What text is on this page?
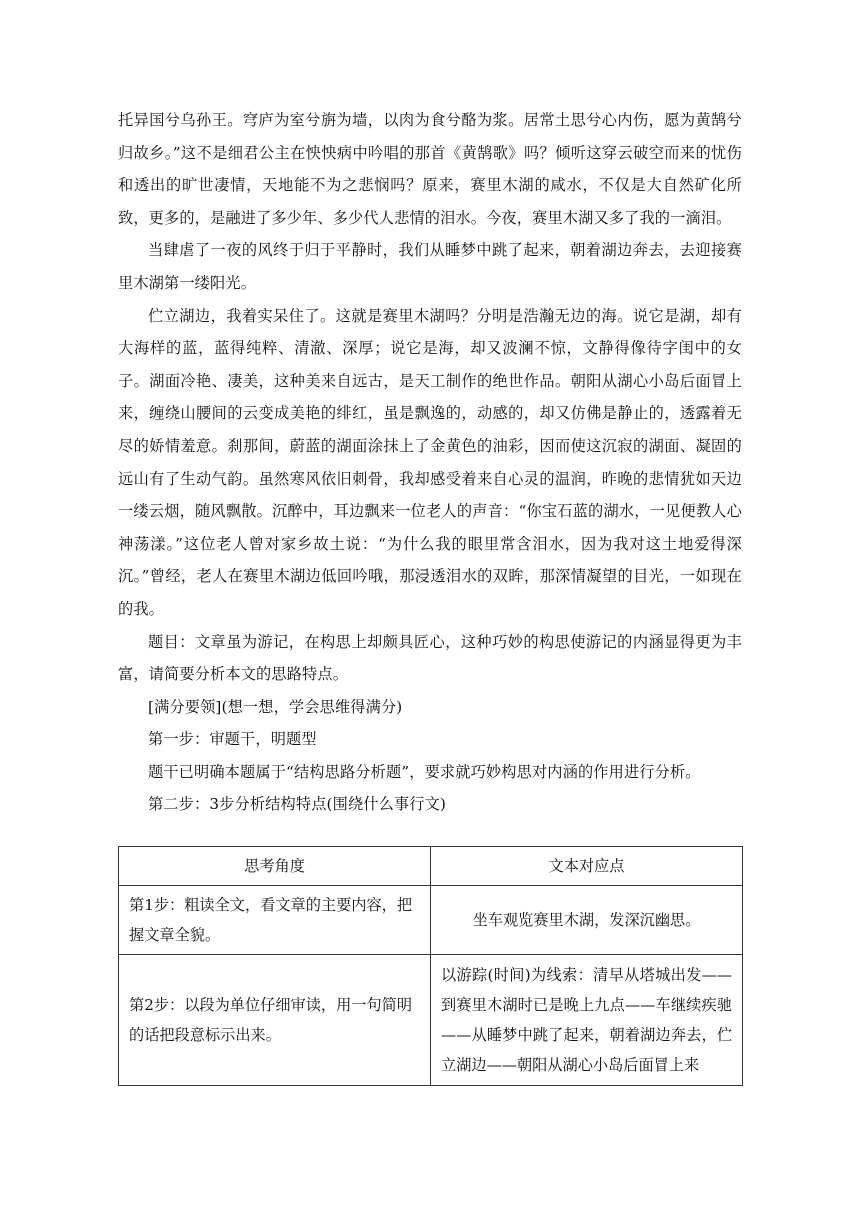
托异国兮乌孙王。穹庐为室兮旃为墙，以肉为食兮酪为浆。居常土思兮心内伤，愿为黄鹄兮归故乡。”这不是细君公主在怏怏病中吟唱的那首《黄鹄歌》吗？倾听这穿云破空而来的忧伤和透出的旷世凄情，天地能不为之悲悯吗？原来，赛里木湖的咸水，不仅是大自然矿化所致，更多的，是融进了多少年、多少代人悲情的泪水。今夜，赛里木湖又多了我的一滴泪。

当肆虐了一夜的风终于归于平静时，我们从睡梦中跳了起来，朝着湖边奔去，去迎接赛里木湖第一缕阳光。

伫立湖边，我着实呆住了。这就是赛里木湖吗？分明是浩瀚无边的海。说它是湖，却有大海样的蓝，蓝得纯粹、清澈、深厚；说它是海，却又波澜不惊，文静得像待字闺中的女子。湖面冷艳、凄美，这种美来自远古，是天工制作的绝世作品。朝阳从湖心小岛后面冒上来，缠绕山腰间的云变成美艳的绯红，虽是飘逸的，动感的，却又仿佛是静止的，透露着无尽的娇情羞意。刹那间，蔚蓝的湖面涂抹上了金黄色的油彩，因而使这沉寂的湖面、凝固的远山有了生动气韵。虽然寒风依旧刺骨，我却感受着来自心灵的温润，昨晚的悲情犹如天边一缕云烟，随风飘散。沉醉中，耳边飘来一位老人的声音：“你宝石蓝的湖水，一见便教人心神荡漾。”这位老人曾对家乡故土说：“为什么我的眼里常含泪水，因为我对这土地爱得深沉。”曾经，老人在赛里木湖边低回吟哦，那浸透泪水的双眸，那深情凝望的目光，一如现在的我。

题目：文章虽为游记，在构思上却颇具匠心，这种巧妙的构思使游记的内涵显得更为丰富，请简要分析本文的思路特点。

[满分要领](想一想，学会思维得满分)

第一步：审题干，明题型

题干已明确本题属于“结构思路分析题”，要求就巧妙构思对内涵的作用进行分析。

第二步：3步分析结构特点(围绕什么事行文)

思考角度	文本对应点
第1步：粗读全文，看文章的主要内容，把握文章全貌。	坐车观览赛里木湖，发深沉幽思。
第2步：以段为单位仔细审读，用一句简明的话把段意标示出来。	以游踪(时间)为线索：清早从塔城出发——到赛里木湖时已是晚上九点——车继续疾驰——从睡梦中跳了起来，朝着湖边奔去，伫立湖边——朝阳从湖心小岛后面冒上来
